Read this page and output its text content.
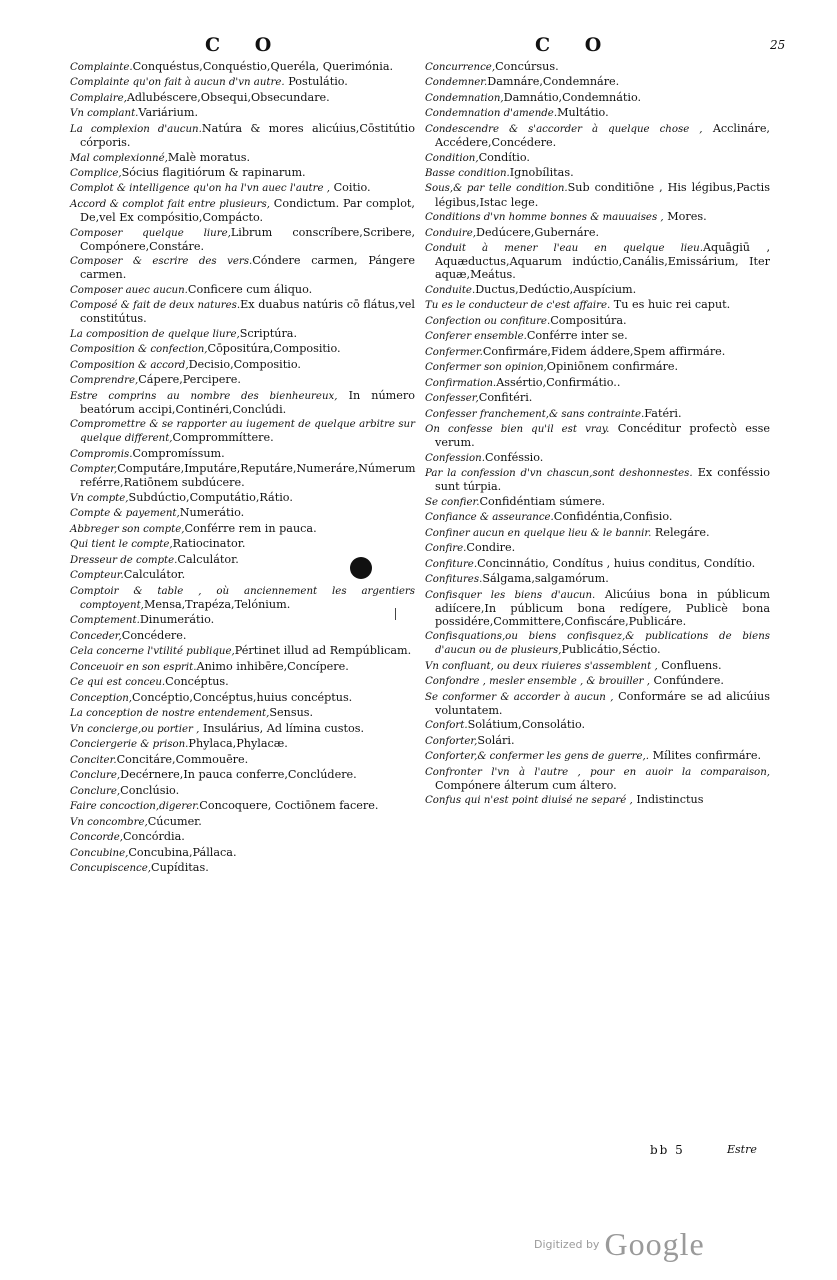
C O	C O	25
Complainte.Conquéstus,Conquéstio,Queréla, Querimónia.
Complainte qu'on fait à aucun d'vn autre. Postulátio.
Complaire,Adlubéscere,Obsequi,Obsecundare.
Vn complant.Variárium.
La complexion d'aucun.Natúra & mores alicúius,Cōstitútio córporis.
Mal complexionné,Malè moratus.
Complice,Sócius flagitiórum & rapinarum.
Complot & intelligence qu'on ha l'vn auec l'autre , Coitio.
Accord & complot fait entre plusieurs, Condictum. Par complot, De,vel Ex compósitio,Compácto.
Composer quelque liure,Librum conscríbere,Scribere, Compónere,Constáre.
Composer & escrire des vers.Cóndere carmen, Pángere carmen.
Composer auec aucun.Conficere cum áliquo.
Composé & fait de deux natures.Ex duabus natúris cō flátus,vel constitútus.
La composition de quelque liure,Scriptúra.
Composition & confection,Cōpositúra,Compositio.
Composition & accord,Decisio,Compositio.
Comprendre,Cápere,Percipere.
Estre comprins au nombre des bienheureux, In número beatórum accipi,Continéri,Conclúdi.
Compromettre & se rapporter au iugement de quelque arbitre sur quelque different,Comprommíttere.
Compromis.Compromíssum.
Compter,Computáre,Imputáre,Reputáre,Numeráre,Númerum reférre,Ratiōnem subdúcere.
Vn compte,Subdúctio,Computátio,Rátio.
Compte & payement,Numerátio.
Abbreger son compte,Conférre rem in pauca.
Qui tient le compte,Ratiocinator.
Dresseur de compte.Calculátor.
Compteur.Calculátor.
Comptoir & table , où anciennement les argentiers comptoyent,Mensa,Trapéza,Telónium.
Comptement.Dinumerátio.
Conceder,Concédere.
Cela concerne l'vtilité publique,Pértinet illud ad Rempúblicam.
Conceuoir en son esprit.Animo inhibēre,Concípere.
Ce qui est conceu.Concéptus.
Conception,Concéptio,Concéptus,huius concéptus.
La conception de nostre entendement,Sensus.
Vn concierge,ou portier , Insulárius, Ad límina custos.
Conciergerie & prison.Phylaca,Phylacæ.
Conciter.Concitáre,Commouēre.
Conclure,Decérnere,In pauca conferre,Conclúdere.
Conclure,Conclúsio.
Faire concoction,digerer.Concoquere, Coctiōnem facere.
Vn concombre,Cúcumer.
Concorde,Concórdia.
Concubine,Concubina,Pállaca.
Concupiscence,Cupíditas.
Concurrence,Concúrsus.
Condemner.Damnáre,Condemnáre.
Condemnation,Damnátio,Condemnátio.
Condemnation d'amende.Multátio.
Condescendre & s'accorder à quelque chose , Acclináre, Accédere,Concédere.
Condition,Condítio.
Basse condition.Ignobílitas.
Sous,& par telle condition.Sub conditiōne , His légibus,Pactis légibus,Istac lege.
Conditions d'vn homme bonnes & mauuaises , Mores.
Conduire,Dedúcere,Gubernáre.
Conduit à mener l'eau en quelque lieu.Aquāgiū , Aquæductus,Aquarum indúctio,Canális,Emissárium, Iter aquæ,Meátus.
Conduite.Ductus,Dedúctio,Auspícium.
Tu es le conducteur de c'est affaire. Tu es huic rei caput.
Confection ou confiture.Compositúra.
Conferer ensemble.Conférre inter se.
Confermer.Confirmáre,Fidem áddere,Spem affirmáre.
Confermer son opinion,Opiniōnem confirmáre.
Confirmation.Assértio,Confirmátio..
Confesser,Confitéri.
Confesser franchement,& sans contrainte.Fatéri.
On confesse bien qu'il est vray. Concéditur profectò esse verum.
Confession.Conféssio.
Par la confession d'vn chascun,sont deshonnestes. Ex conféssio sunt túrpia.
Se confier.Confidéntiam súmere.
Confiance & asseurance.Confidéntia,Confisio.
Confiner aucun en quelque lieu & le bannir. Relegáre.
Confire.Condire.
Confiture.Concinnátio, Condítus , huius conditus, Condítio.
Confitures.Sálgama,salgamórum.
Confisquer les biens d'aucun. Alicúius bona in públicum adiícere,In públicum bona redígere, Publicè bona possidére,Committere,Confiscáre,Publicáre.
Confisquations,ou biens confisquez,& publications de biens d'aucun ou de plusieurs,Publicátio,Séctio.
Vn confluant, ou deux riuieres s'assemblent , Confluens.
Confondre , mesler ensemble , & brouiller , Confúndere.
Se conformer & accorder à aucun , Conformáre se ad alicúius voluntatem.
Confort.Solátium,Consolátio.
Conforter,Solári.
Conforter,& confermer les gens de guerre,. Mílites confirmáre.
Confronter l'vn à l'autre , pour en auoir la comparaison, Compónere álterum cum áltero.
Confus qui n'est point diuisé ne separé , Indistinctus
bb 5	Estre
Digitized by Google
